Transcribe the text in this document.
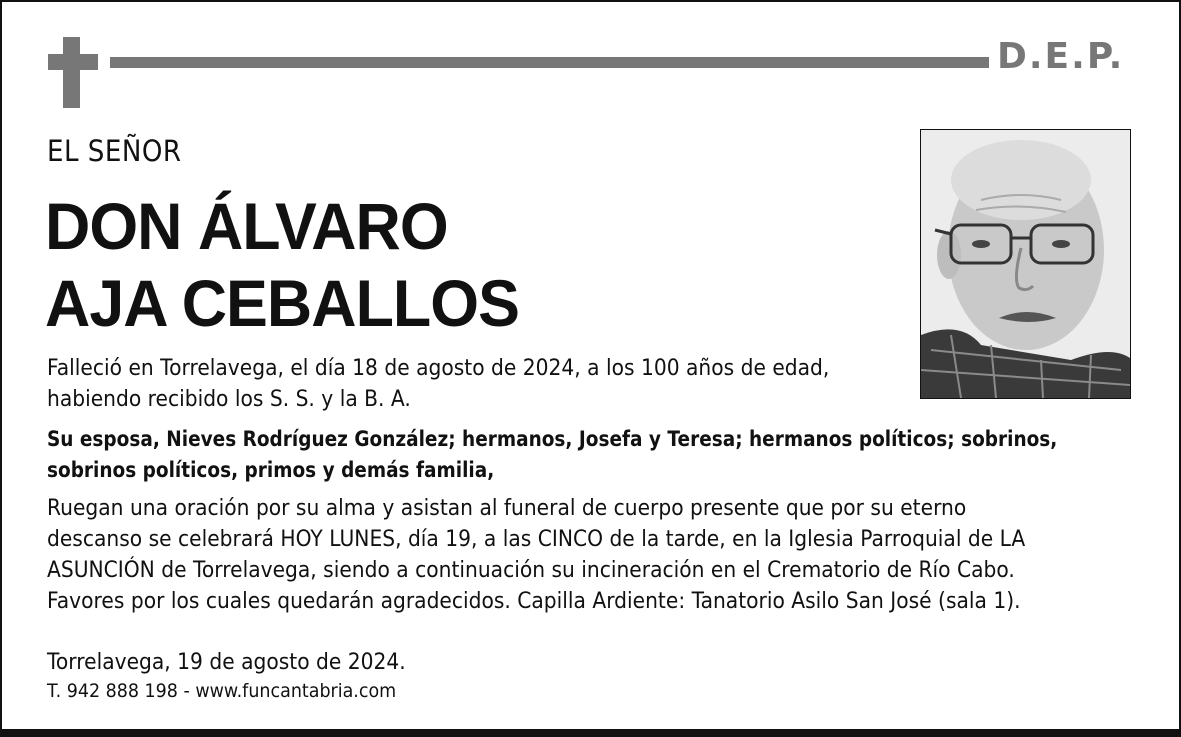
D.E.P.
EL SEÑOR
DON ÁLVARO
AJA CEBALLOS
Falleció en Torrelavega, el día 18 de agosto de 2024, a los 100 años de edad,
habiendo recibido los S. S. y la B. A.
Su esposa, Nieves Rodríguez González; hermanos, Josefa y Teresa; hermanos políticos; sobrinos,
sobrinos políticos, primos y demás familia,
Ruegan una oración por su alma y asistan al funeral de cuerpo presente que por su eterno
descanso se celebrará HOY LUNES, día 19, a las CINCO de la tarde, en la Iglesia Parroquial de LA
ASUNCIÓN de Torrelavega, siendo a continuación su incineración en el Crematorio de Río Cabo.
Favores por los cuales quedarán agradecidos. Capilla Ardiente: Tanatorio Asilo San José (sala 1).
Torrelavega, 19 de agosto de 2024.
T. 942 888 198 - www.funcantabria.com
